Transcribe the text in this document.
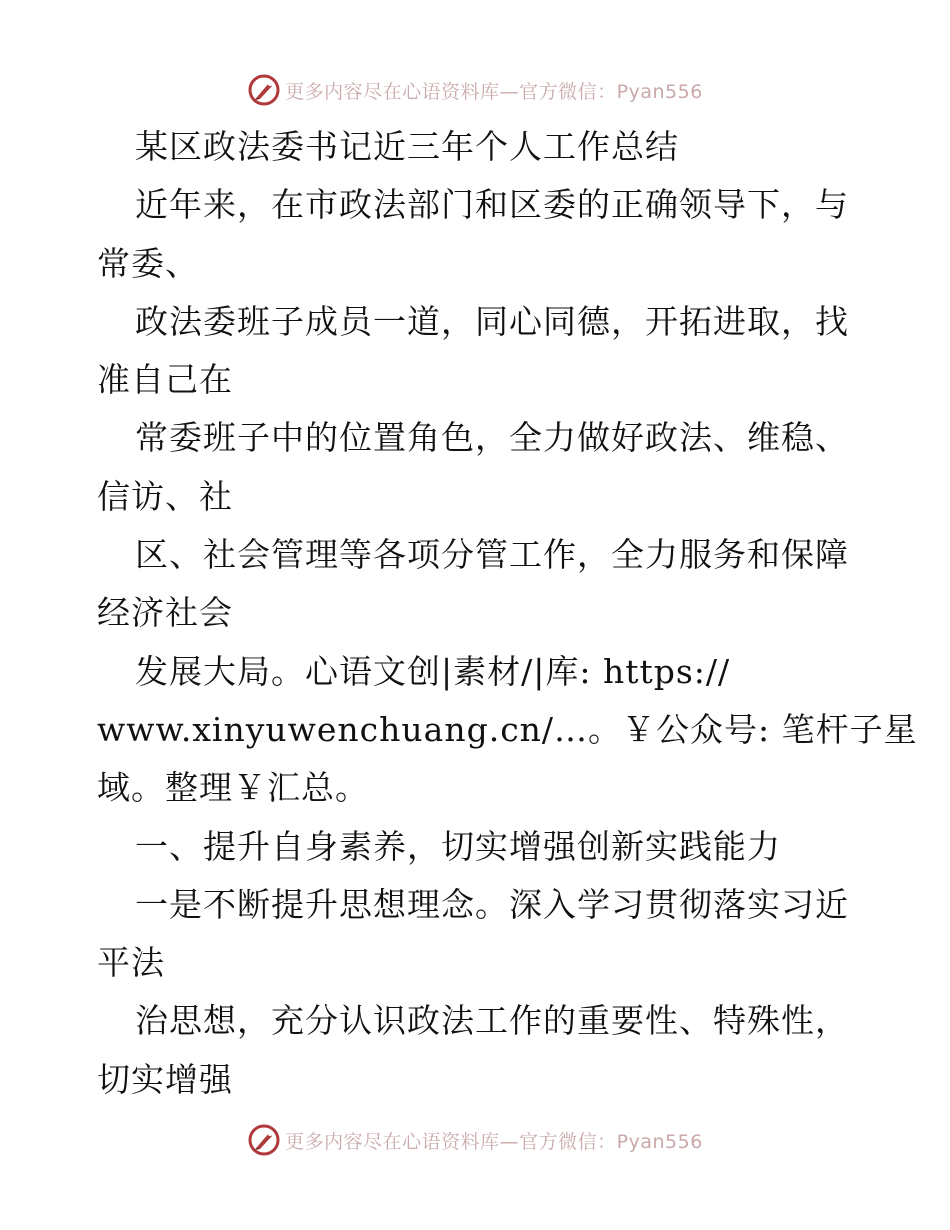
更多内容尽在心语资料库—官方微信：Pyan556
某区政法委书记近三年个人工作总结
近年来，在市政法部门和区委的正确领导下，与
常委、
政法委班子成员一道，同心同德，开拓进取，找
准自己在
常委班子中的位置角色，全力做好政法、维稳、
信访、社
区、社会管理等各项分管工作，全力服务和保障
经济社会
发展大局。心语文创|素材/|库: https://
www.xinyuwenchuang.cn/…。￥公众号: 笔杆子星
域。整理￥汇总。
一、提升自身素养，切实增强创新实践能力
一是不断提升思想理念。深入学习贯彻落实习近
平法
治思想，充分认识政法工作的重要性、特殊性，
切实增强
更多内容尽在心语资料库—官方微信：Pyan556
